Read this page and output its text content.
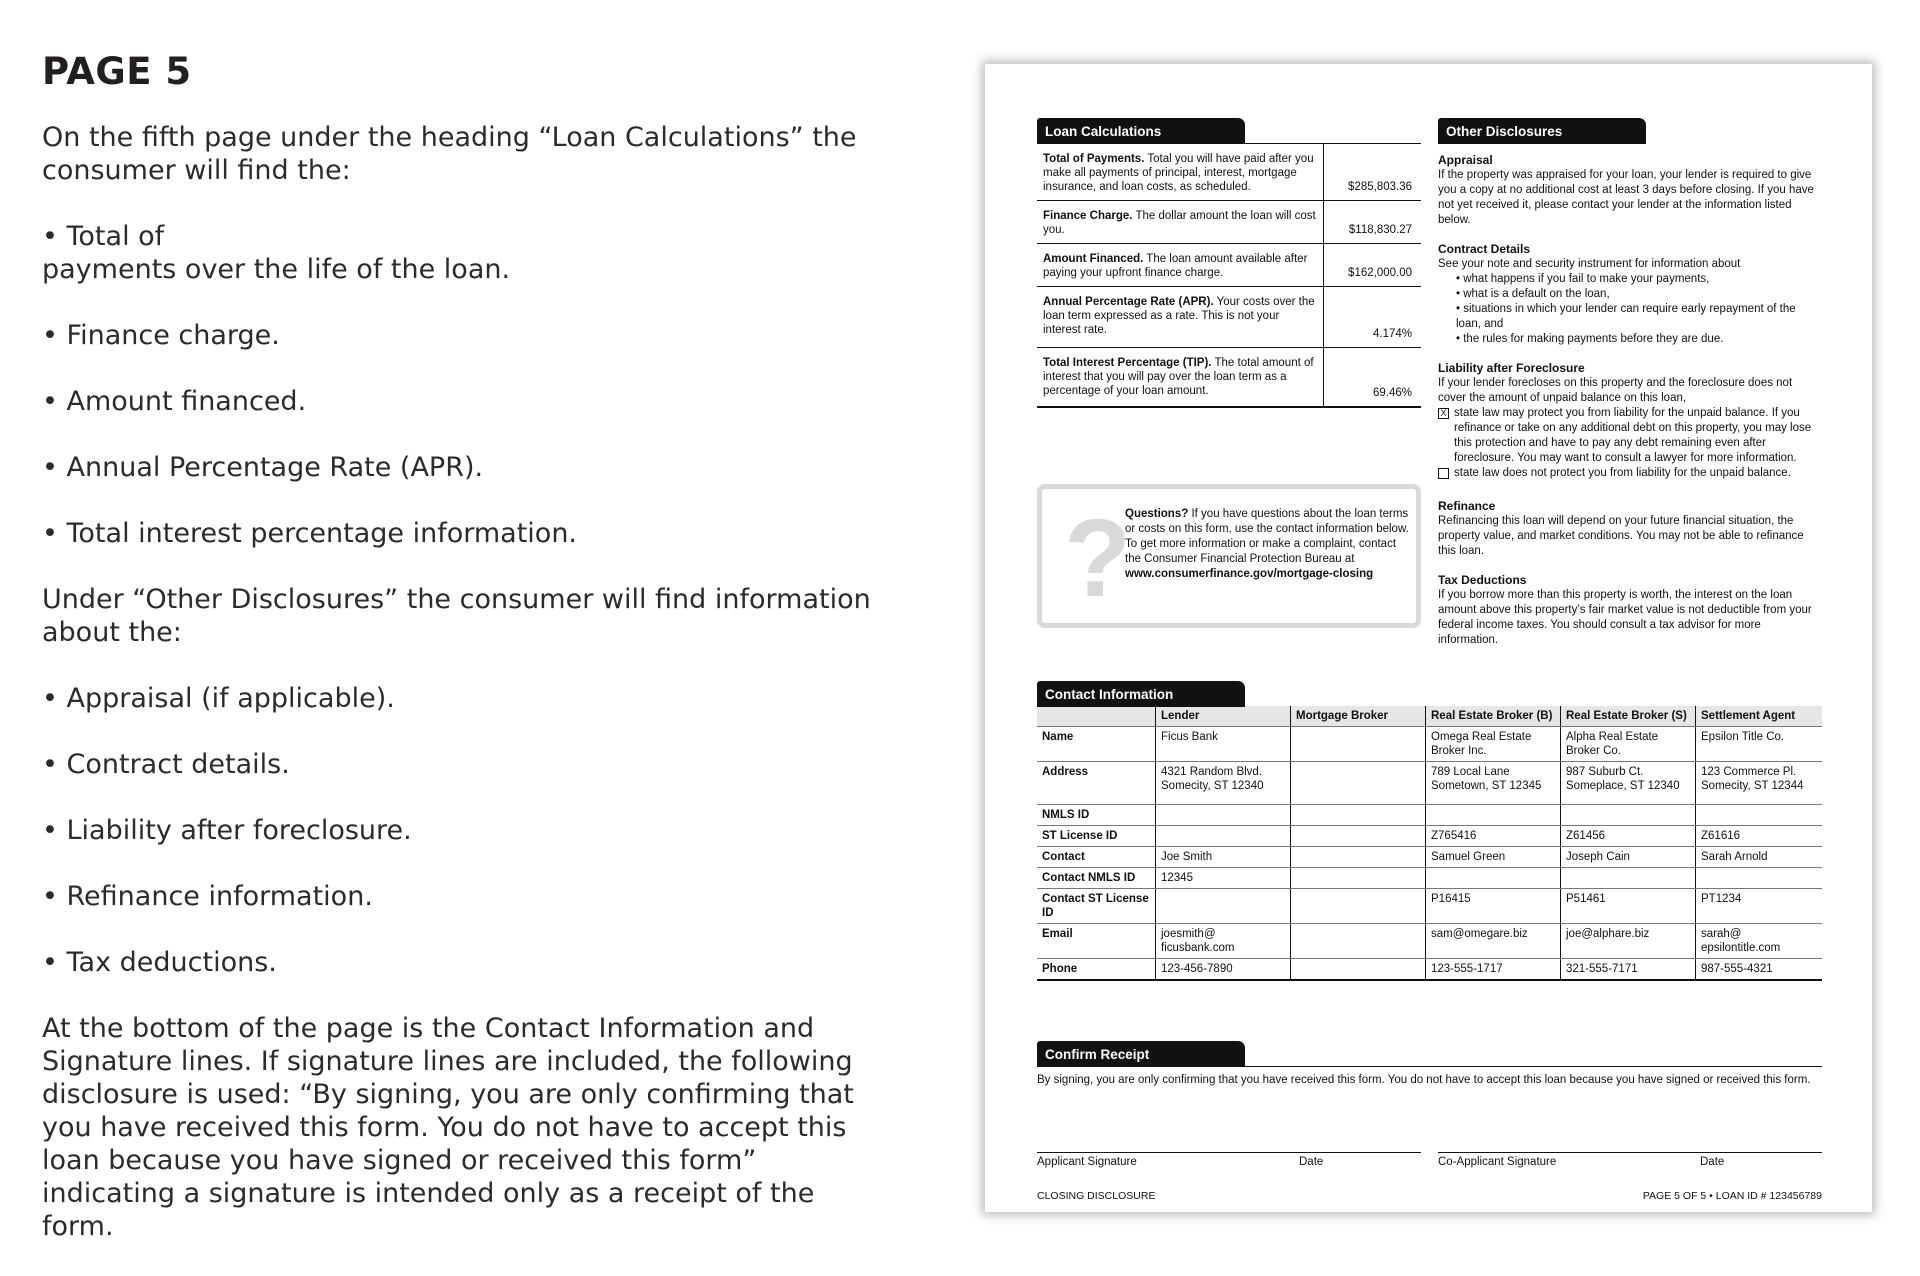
PAGE 5

On the fifth page under the heading “Loan Calculations” the consumer will find the:

• Total of
payments over the life of the loan.

• Finance charge.

• Amount financed.

• Annual Percentage Rate (APR).

• Total interest percentage information.

Under “Other Disclosures” the consumer will find information about the:

• Appraisal (if applicable).

• Contract details.

• Liability after foreclosure.

• Refinance information.

• Tax deductions.

At the bottom of the page is the Contact Information and Signature lines. If signature lines are included, the following disclosure is used: “By signing, you are only confirming that you have received this form. You do not have to accept this loan because you have signed or received this form” indicating a signature is intended only as a receipt of the form.

Loan Calculations
Total of Payments. Total you will have paid after you make all payments of principal, interest, mortgage insurance, and loan costs, as scheduled.	$285,803.36
Finance Charge. The dollar amount the loan will cost you.	$118,830.27
Amount Financed. The loan amount available after paying your upfront finance charge.	$162,000.00
Annual Percentage Rate (APR). Your costs over the loan term expressed as a rate. This is not your interest rate.	4.174%
Total Interest Percentage (TIP). The total amount of interest that you will pay over the loan term as a percentage of your loan amount.	69.46%
?
Questions? If you have questions about the loan terms or costs on this form, use the contact information below. To get more information or make a complaint, contact the Consumer Financial Protection Bureau at
www.consumerfinance.gov/mortgage-closing
Other Disclosures
Appraisal

If the property was appraised for your loan, your lender is required to give you a copy at no additional cost at least 3 days before closing. If you have not yet received it, please contact your lender at the information listed below.

Contract Details

See your note and security instrument for information about

• what happens if you fail to make your payments,
• what is a default on the loan,
• situations in which your lender can require early repayment of the loan, and
• the rules for making payments before they are due.
Liability after Foreclosure

If your lender forecloses on this property and the foreclosure does not cover the amount of unpaid balance on this loan,

X state law may protect you from liability for the unpaid balance. If you refinance or take on any additional debt on this property, you may lose this protection and have to pay any debt remaining even after foreclosure. You may want to consult a lawyer for more information.

state law does not protect you from liability for the unpaid balance.

Refinance

Refinancing this loan will depend on your future financial situation, the property value, and market conditions. You may not be able to refinance this loan.

Tax Deductions

If you borrow more than this property is worth, the interest on the loan amount above this property’s fair market value is not deductible from your federal income taxes. You should consult a tax advisor for more information.

Contact Information
	Lender	Mortgage Broker	Real Estate Broker (B)	Real Estate Broker (S)	Settlement Agent
Name	Ficus Bank		Omega Real Estate Broker Inc.	Alpha Real Estate Broker Co.	Epsilon Title Co.
Address	4321 Random Blvd. Somecity, ST 12340		789 Local Lane Sometown, ST 12345	987 Suburb Ct. Someplace, ST 12340	123 Commerce Pl. Somecity, ST 12344
NMLS ID					
ST License ID			Z765416	Z61456	Z61616
Contact	Joe Smith		Samuel Green	Joseph Cain	Sarah Arnold
Contact NMLS ID	12345				
Contact ST License ID			P16415	P51461	PT1234
Email	joesmith@ ficusbank.com		sam@omegare.biz	joe@alphare.biz	sarah@ epsilontitle.com
Phone	123-456-7890		123-555-1717	321-555-7171	987-555-4321
Confirm Receipt

By signing, you are only confirming that you have received this form. You do not have to accept this loan because you have signed or received this form.

Applicant Signature	Date	Co-Applicant Signature	Date
CLOSING DISCLOSURE	PAGE 5 OF 5 • LOAN ID # 123456789
